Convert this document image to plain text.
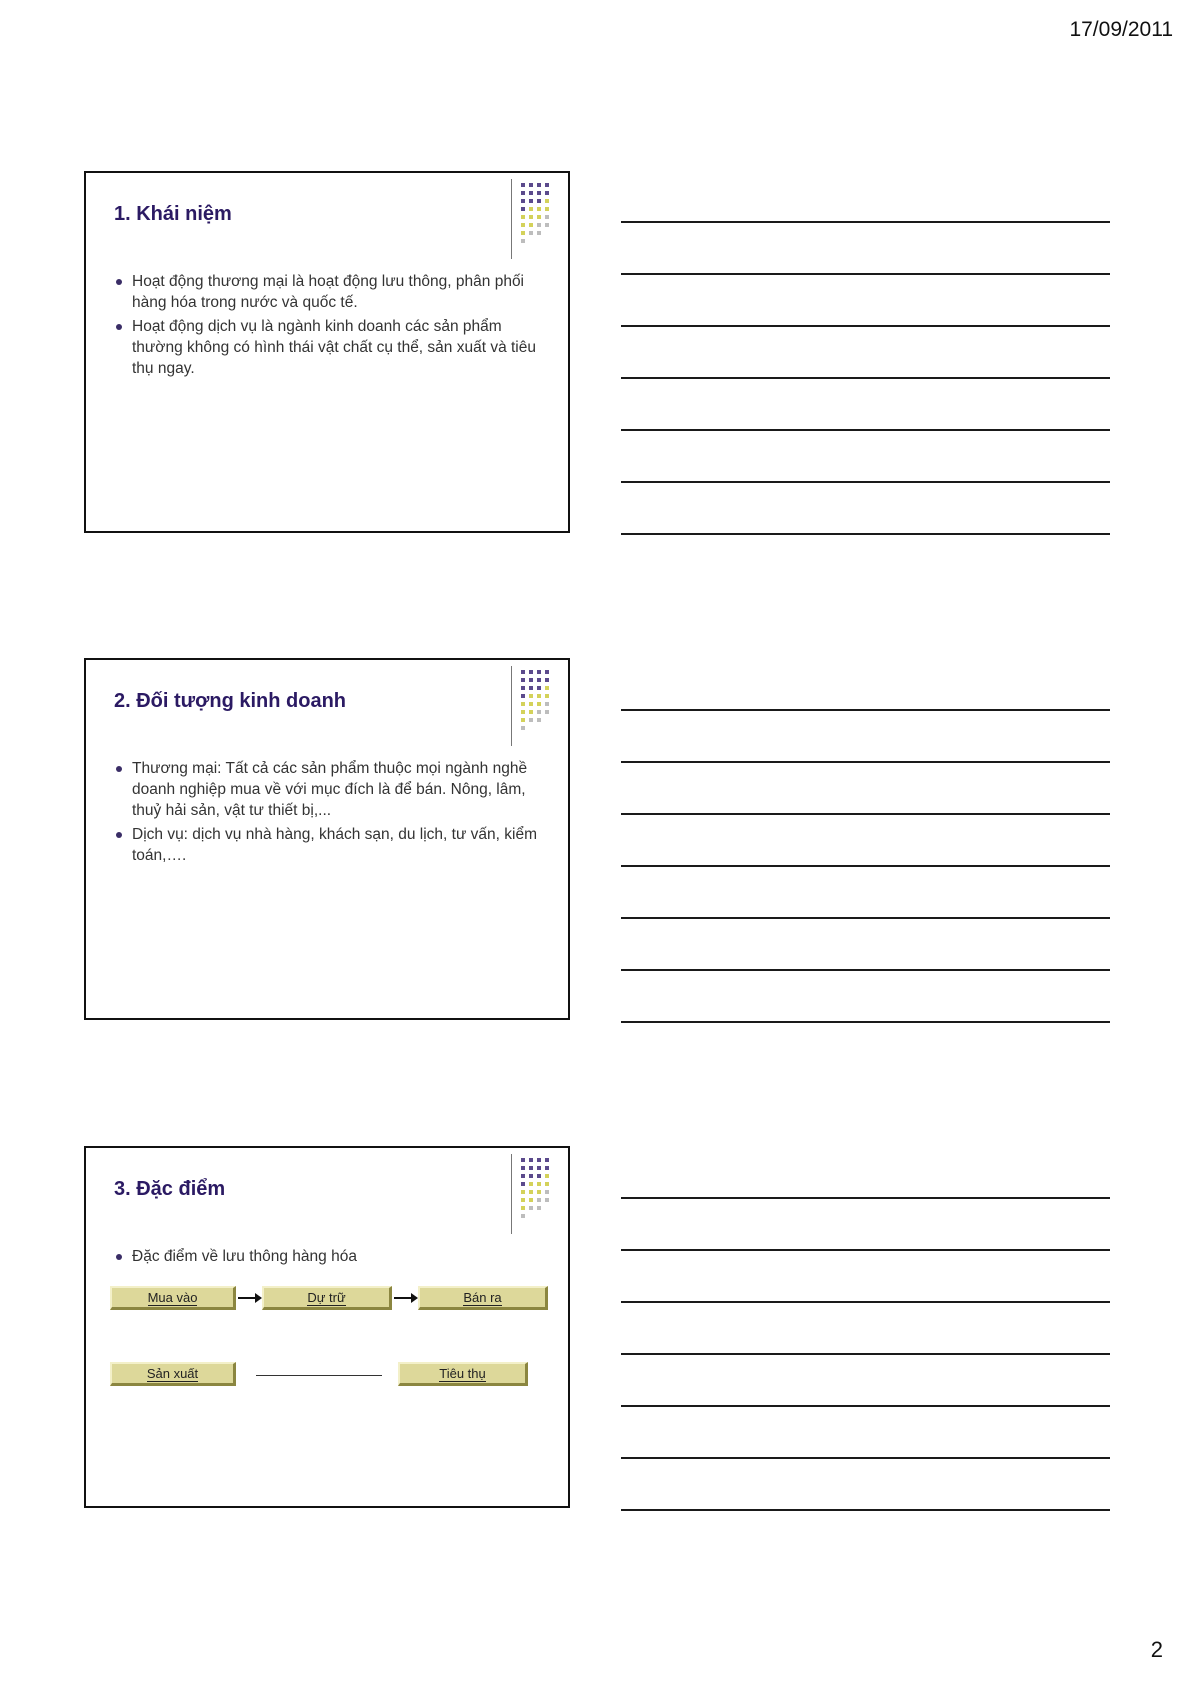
17/09/2011
1. Khái niệm
Hoạt động thương mại là hoạt động lưu thông, phân phối hàng hóa trong nước và quốc tế.
Hoạt động dịch vụ là ngành kinh doanh các sản phẩm thường không có hình thái vật chất cụ thể, sản xuất và tiêu thụ ngay.
2. Đối tượng kinh doanh
Thương mại: Tất cả các sản phẩm thuộc mọi ngành nghề doanh nghiệp mua về với mục đích là để bán. Nông, lâm, thuỷ hải sản, vật tư thiết bị,...
Dịch vụ: dịch vụ nhà hàng, khách sạn, du lịch, tư vấn, kiểm toán,….
3. Đặc điểm
Đặc điểm về lưu thông hàng hóa
Mua vào	Dự trữ	Bán ra
Sản xuất	Tiêu thụ
2
